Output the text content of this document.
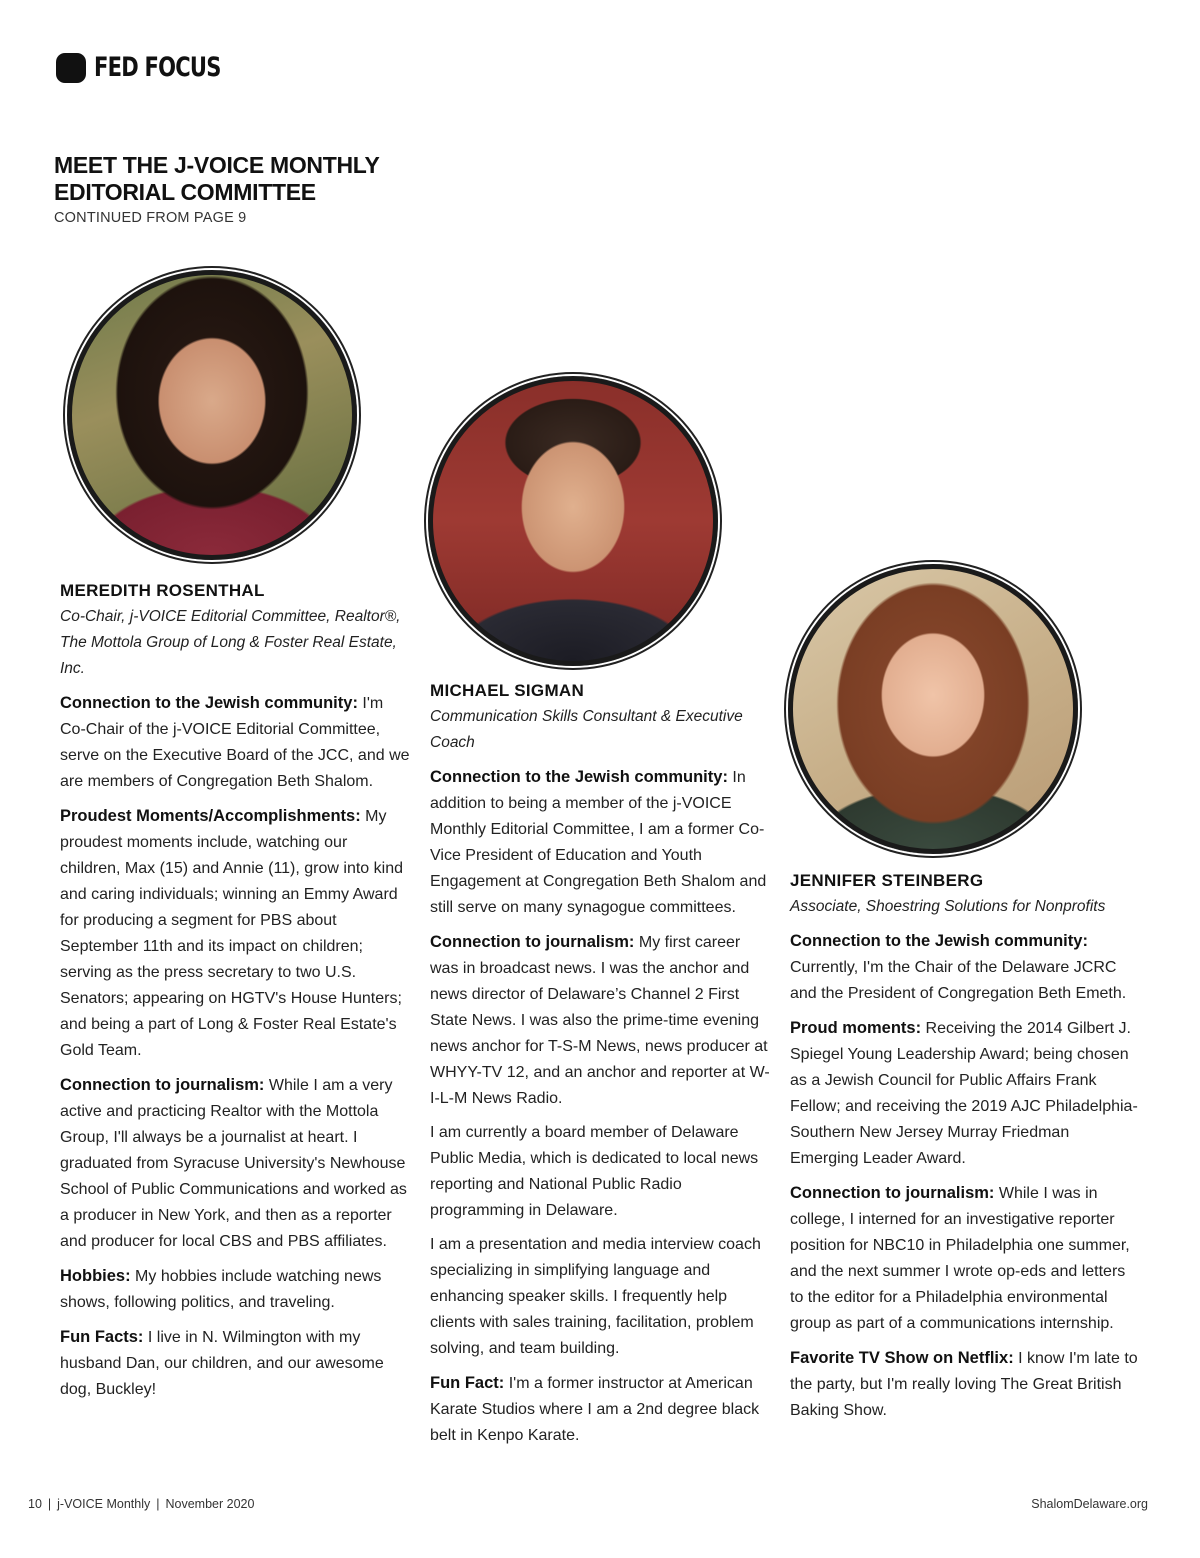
FED FOCUS
MEET THE J-VOICE MONTHLY EDITORIAL COMMITTEE
CONTINUED FROM PAGE 9
MEREDITH ROSENTHAL
Co-Chair, j-VOICE Editorial Committee, Realtor®, The Mottola Group of Long & Foster Real Estate, Inc.
Connection to the Jewish community: I'm Co-Chair of the j-VOICE Editorial Committee, serve on the Executive Board of the JCC, and we are members of Congregation Beth Shalom.
Proudest Moments/Accomplishments: My proudest moments include, watching our children, Max (15) and Annie (11), grow into kind and caring individuals; winning an Emmy Award for producing a segment for PBS about September 11th and its impact on children; serving as the press secretary to two U.S. Senators; appearing on HGTV's House Hunters; and being a part of Long & Foster Real Estate's Gold Team.
Connection to journalism: While I am a very active and practicing Realtor with the Mottola Group, I'll always be a journalist at heart. I graduated from Syracuse University's Newhouse School of Public Communications and worked as a producer in New York, and then as a reporter and producer for local CBS and PBS affiliates.
Hobbies: My hobbies include watching news shows, following politics, and traveling.
Fun Facts: I live in N. Wilmington with my husband Dan, our children, and our awesome dog, Buckley!
MICHAEL SIGMAN
Communication Skills Consultant & Executive Coach
Connection to the Jewish community: In addition to being a member of the j-VOICE Monthly Editorial Committee, I am a former Co-Vice President of Education and Youth Engagement at Congregation Beth Shalom and still serve on many synagogue committees.
Connection to journalism: My first career was in broadcast news. I was the anchor and news director of Delaware’s Channel 2 First State News. I was also the prime-time evening news anchor for T-S-M News, news producer at WHYY-TV 12, and an anchor and reporter at W-I-L-M News Radio.
I am currently a board member of Delaware Public Media, which is dedicated to local news reporting and National Public Radio programming in Delaware.
I am a presentation and media interview coach specializing in simplifying language and enhancing speaker skills. I frequently help clients with sales training, facilitation, problem solving, and team building.
Fun Fact: I'm a former instructor at American Karate Studios where I am a 2nd degree black belt in Kenpo Karate.
JENNIFER STEINBERG
Associate, Shoestring Solutions for Nonprofits
Connection to the Jewish community: Currently, I'm the Chair of the Delaware JCRC and the President of Congregation Beth Emeth.
Proud moments: Receiving the 2014 Gilbert J. Spiegel Young Leadership Award; being chosen as a Jewish Council for Public Affairs Frank Fellow; and receiving the 2019 AJC Philadelphia-Southern New Jersey Murray Friedman Emerging Leader Award.
Connection to journalism: While I was in college, I interned for an investigative reporter position for NBC10 in Philadelphia one summer, and the next summer I wrote op-eds and letters to the editor for a Philadelphia environmental group as part of a communications internship.
Favorite TV Show on Netflix: I know I'm late to the party, but I'm really loving The Great British Baking Show.
10 | j-VOICE Monthly | November 2020	ShalomDelaware.org
